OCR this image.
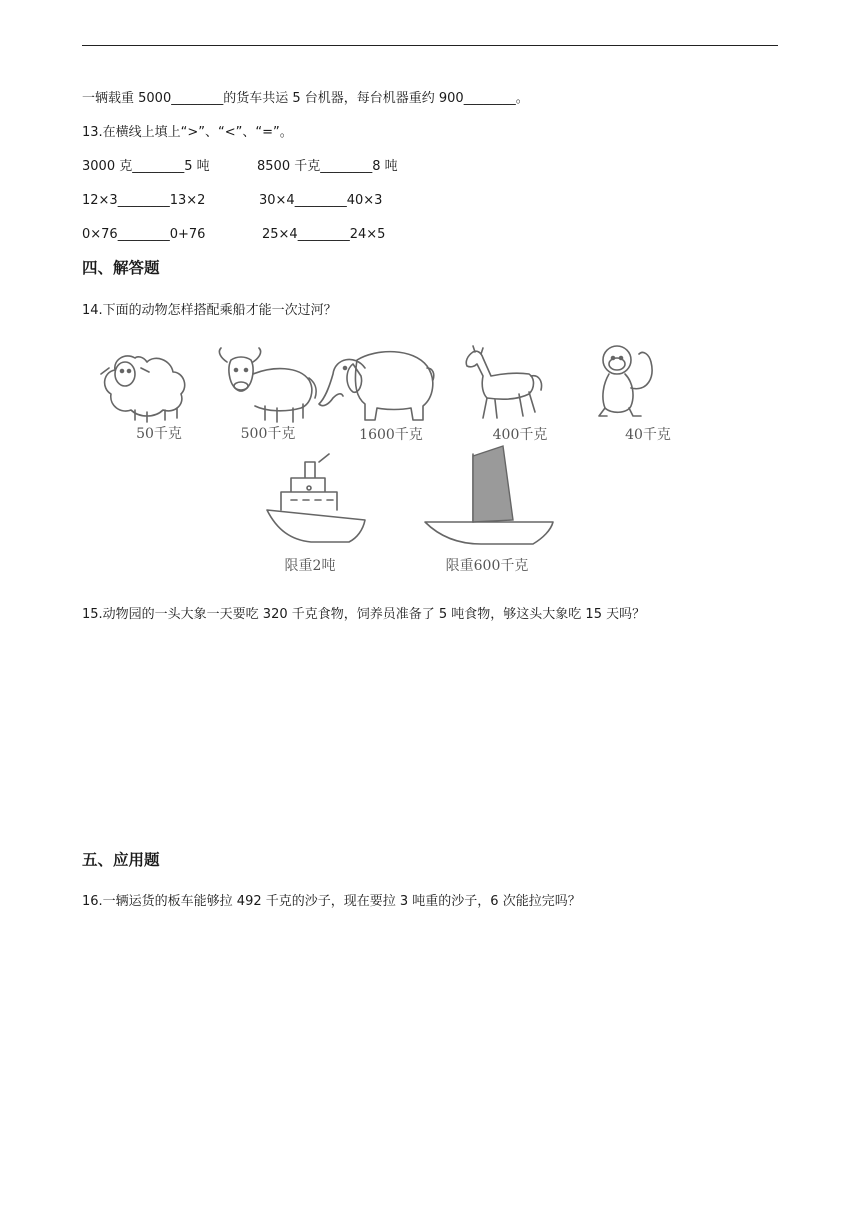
一辆载重 5000________的货车共运 5 台机器，每台机器重约 900________。
13.在横线上填上“>”、“<”、“=”。
3000 克________5 吨	8500 千克________8 吨
12×3________13×2	30×4________40×3
0×76________0+76	25×4________24×5
四、解答题
14.下面的动物怎样搭配乘船才能一次过河？
50千克	500千克	1600千克	400千克	40千克
限重2吨	限重600千克
15.动物园的一头大象一天要吃 320 千克食物，饲养员准备了 5 吨食物，够这头大象吃 15 天吗？
五、应用题
16.一辆运货的板车能够拉 492 千克的沙子，现在要拉 3 吨重的沙子，6 次能拉完吗？
